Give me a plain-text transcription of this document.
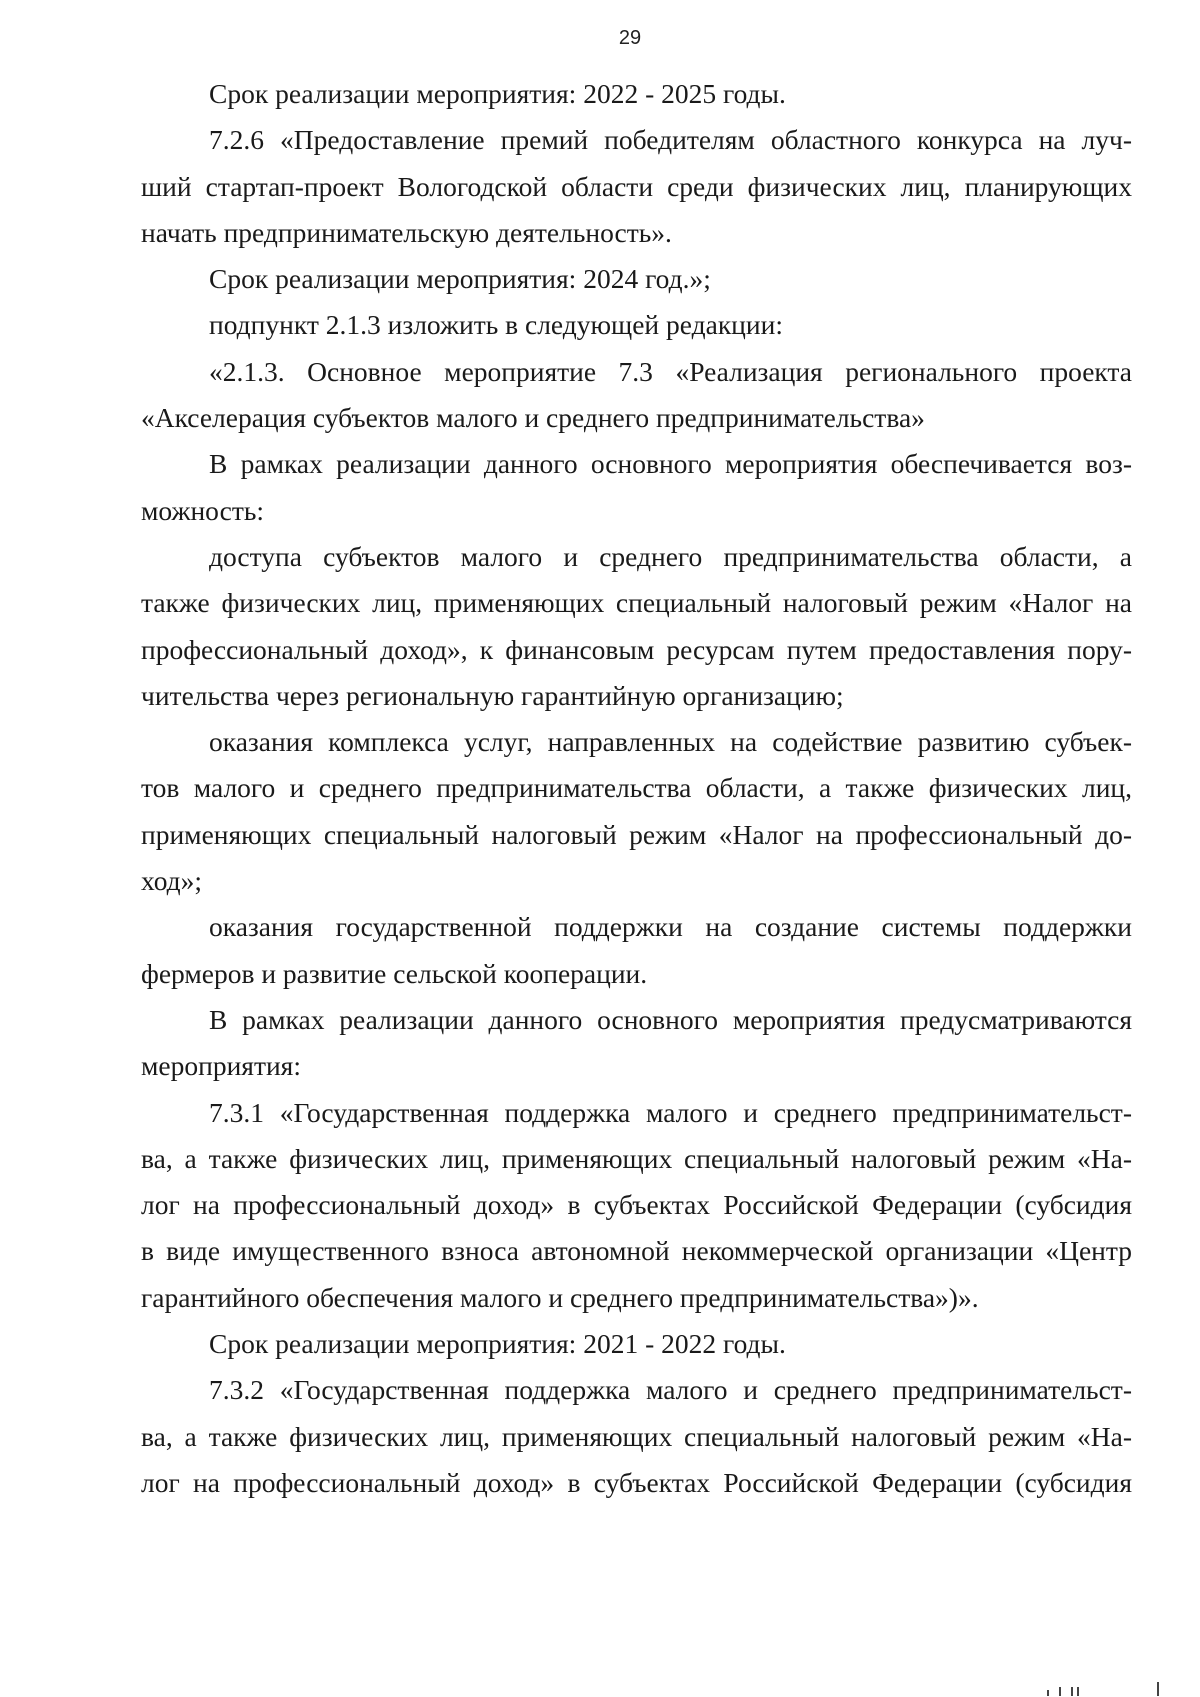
29
Срок реализации мероприятия: 2022 - 2025 годы.
7.2.6 «Предоставление премий победителям областного конкурса на луч-
ший стартап-проект Вологодской области среди физических лиц, планирующих
начать предпринимательскую деятельность».
Срок реализации мероприятия: 2024 год.»;
подпункт 2.1.3 изложить в следующей редакции:
«2.1.3. Основное мероприятие 7.3 «Реализация регионального проекта
«Акселерация субъектов малого и среднего предпринимательства»
В рамках реализации данного основного мероприятия обеспечивается воз-
можность:
доступа субъектов малого и среднего предпринимательства области, а
также физических лиц, применяющих специальный налоговый режим «Налог на
профессиональный доход», к финансовым ресурсам путем предоставления пору-
чительства через региональную гарантийную организацию;
оказания комплекса услуг, направленных на содействие развитию субъек-
тов малого и среднего предпринимательства области, а также физических лиц,
применяющих специальный налоговый режим «Налог на профессиональный до-
ход»;
оказания государственной поддержки на создание системы поддержки
фермеров и развитие сельской кооперации.
В рамках реализации данного основного мероприятия предусматриваются
мероприятия:
7.3.1 «Государственная поддержка малого и среднего предпринимательст-
ва, а также физических лиц, применяющих специальный налоговый режим «На-
лог на профессиональный доход» в субъектах Российской Федерации (субсидия
в виде имущественного взноса автономной некоммерческой организации «Центр
гарантийного обеспечения малого и среднего предпринимательства»)».
Срок реализации мероприятия: 2021 - 2022 годы.
7.3.2 «Государственная поддержка малого и среднего предпринимательст-
ва, а также физических лиц, применяющих специальный налоговый режим «На-
лог на профессиональный доход» в субъектах Российской Федерации (субсидия
